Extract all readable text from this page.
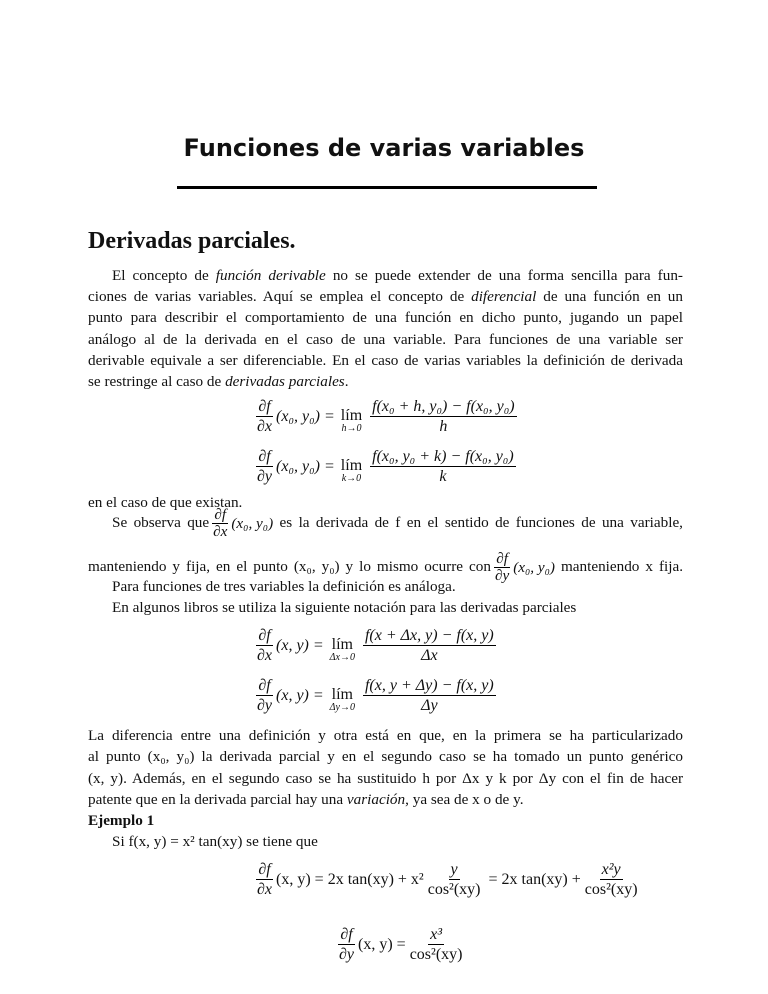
Funciones de varias variables
Derivadas parciales.
El concepto de función derivable no se puede extender de una forma sencilla para fun-
ciones de varias variables. Aquí se emplea el concepto de diferencial de una función en un
punto para describir el comportamiento de una función en dicho punto, jugando un papel
análogo al de la derivada en el caso de una variable. Para funciones de una variable ser
derivable equivale a ser diferenciable. En el caso de varias variables la definición de derivada
se restringe al caso de derivadas parciales.
$\frac{\partial f}{\partial x} (x_0$, y₀) = lím
$h\to 0 \frac{\text{f(x₀ + h, y₀) − f(x₀, y₀)}}{h}$
$\frac{\partial f}{\partial y} (x_0$, y₀) = lím
$k\to 0 \frac{\text{f(x₀, y₀ + k) − f(x₀, y₀)}}{k}$
en el caso de que existan.
Se observa que $\frac{\partial f}{\partial x} (x_0$, y₀) es la derivada de f en el sentido de funciones de una variable,
manteniendo y fija, en el punto (x₀, y₀) y lo mismo ocurre con $\frac{\partial f}{\partial y} (x_0$, y₀) manteniendo x fija.
Para funciones de tres variables la definición es análoga.
En algunos libros se utiliza la siguiente notación para las derivadas parciales
$\frac{\partial f}{\partial x} (x$, y) = lím
$\Delta x\to 0 \frac{f(x + \Delta x, y) - f(x, y)}{\Delta x}$
$\frac{\partial f}{\partial y} (x$, y) = lím
$\Delta y\to 0 \frac{f(x, y + \Delta y) - f(x, y)}{\Delta y}$
La diferencia entre una definición y otra está en que, en la primera se ha particularizado
al punto (x₀, y₀) la derivada parcial y en el segundo caso se ha tomado un punto genérico
(x, y). Además, en el segundo caso se ha sustituido h por Δx y k por Δy con el fin de hacer
patente que en la derivada parcial hay una variación, ya sea de x o de y.
Ejemplo 1
Si f(x, y) = x² tan(xy) se tiene que
$\frac{\partial f}{\partial x} (x$, y) = 2x $\tan(xy) + x^2 \frac{y}{\text{cos²(xy)}} = 2x$ $\tan(xy) + \frac{\text{x²y}}{\text{cos²(xy)}}$
$\frac{\partial f}{\partial y} (x$, $y) = \frac{\text{x³}}{\text{cos²(xy)}}$
